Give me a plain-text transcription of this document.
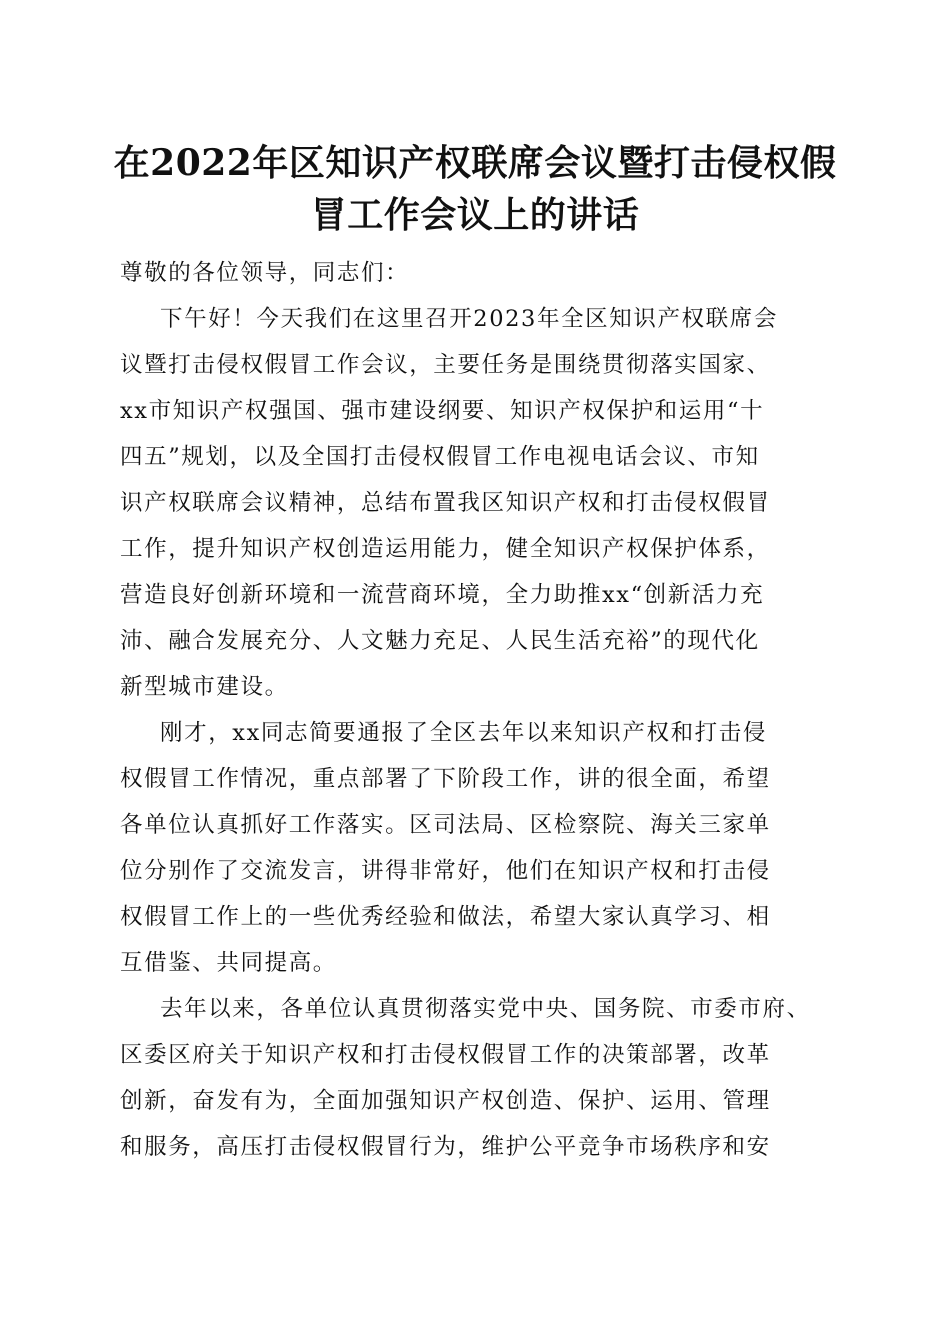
在2022年区知识产权联席会议暨打击侵权假
冒工作会议上的讲话
尊敬的各位领导，同志们：
下午好！今天我们在这里召开2023年全区知识产权联席会
议暨打击侵权假冒工作会议，主要任务是围绕贯彻落实国家、
xx市知识产权强国、强市建设纲要、知识产权保护和运用“十
四五”规划，以及全国打击侵权假冒工作电视电话会议、市知
识产权联席会议精神，总结布置我区知识产权和打击侵权假冒
工作，提升知识产权创造运用能力，健全知识产权保护体系，
营造良好创新环境和一流营商环境，全力助推xx“创新活力充
沛、融合发展充分、人文魅力充足、人民生活充裕”的现代化
新型城市建设。
刚才，xx同志简要通报了全区去年以来知识产权和打击侵
权假冒工作情况，重点部署了下阶段工作，讲的很全面，希望
各单位认真抓好工作落实。区司法局、区检察院、海关三家单
位分别作了交流发言，讲得非常好，他们在知识产权和打击侵
权假冒工作上的一些优秀经验和做法，希望大家认真学习、相
互借鉴、共同提高。
去年以来，各单位认真贯彻落实党中央、国务院、市委市府、
区委区府关于知识产权和打击侵权假冒工作的决策部署，改革
创新，奋发有为，全面加强知识产权创造、保护、运用、管理
和服务，高压打击侵权假冒行为，维护公平竞争市场秩序和安
